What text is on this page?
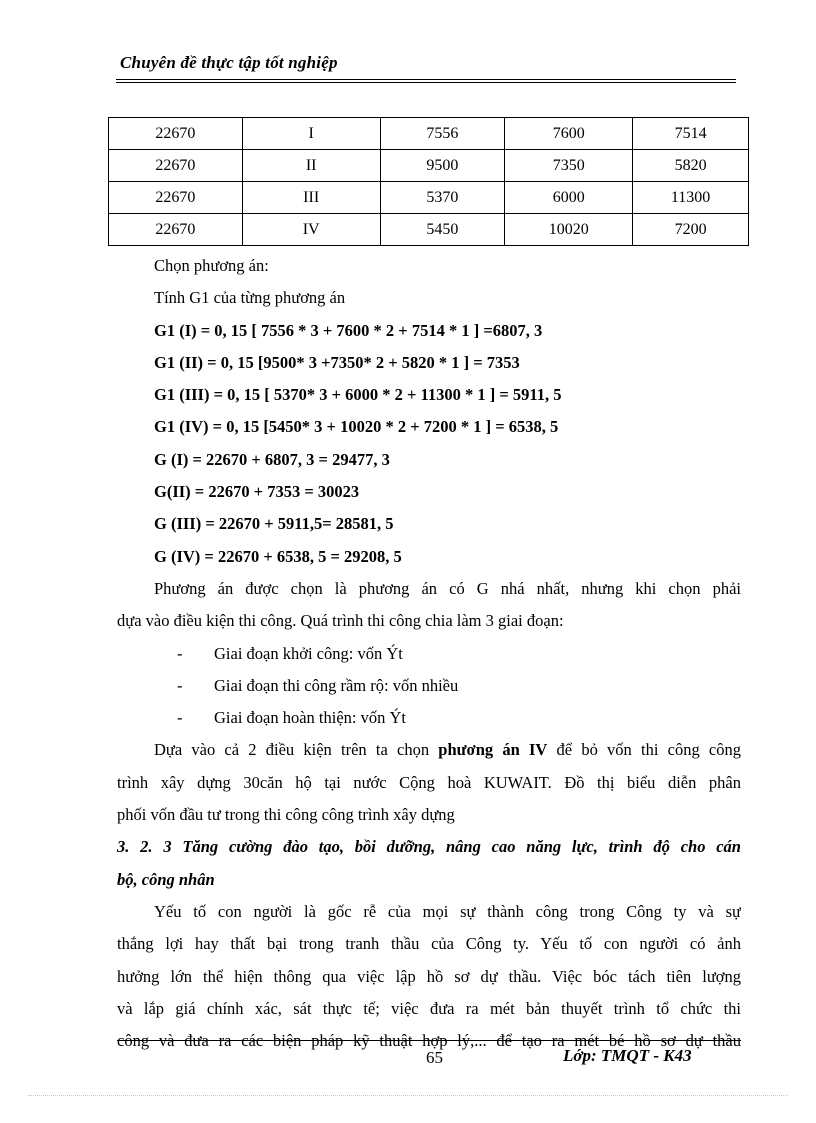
Chuyên đề thực tập tốt nghiệp
22670	I	7556	7600	7514
22670	II	9500	7350	5820
22670	III	5370	6000	11300
22670	IV	5450	10020	7200
Chọn phương án:
Tính G1 của từng phương án
G1 (I) = 0, 15 [ 7556 * 3 + 7600 * 2 + 7514 * 1 ] =6807, 3
G1 (II) = 0, 15 [9500* 3 +7350* 2 + 5820 * 1 ] = 7353
G1 (III) = 0, 15 [ 5370* 3 + 6000 * 2 + 11300 * 1 ] = 5911, 5
G1 (IV) = 0, 15 [5450* 3 + 10020 * 2 + 7200 * 1 ] = 6538, 5
G (I) = 22670 + 6807, 3 = 29477, 3
G(II) = 22670 + 7353 = 30023
G (III) = 22670 + 5911,5= 28581, 5
G (IV) = 22670 + 6538, 5 = 29208, 5
Phương án được chọn là phương án có G nhá nhất, nhưng khi chọn phải
dựa vào điều kiện thi công. Quá trình thi công chia làm 3 giai đoạn:
- Giai đoạn khởi công: vốn Ýt
- Giai đoạn thi công rầm rộ: vốn nhiều
- Giai đoạn hoàn thiện: vốn Ýt
Dựa vào cả 2 điều kiện trên ta chọn phương án IV để bỏ vốn thi công công
trình xây dựng 30căn hộ tại nước Cộng hoà KUWAIT. Đồ thị biểu diễn phân
phối vốn đầu tư trong thi công công trình xây dựng
3. 2. 3 Tăng cường đào tạo, bồi dưỡng, nâng cao năng lực, trình độ cho cán
bộ, công nhân
Yếu tố con người là gốc rễ của mọi sự thành công trong Công ty và sự
thắng lợi hay thất bại trong tranh thầu của Công ty. Yếu tố con người có ảnh
hưởng lớn thể hiện thông qua việc lập hồ sơ dự thầu. Việc bóc tách tiên lượng
và lắp giá chính xác, sát thực tế; việc đưa ra mét bản thuyết trình tổ chức thi
công và đưa ra các biện pháp kỹ thuật hợp lý,... để tạo ra mét bé hồ sơ dự thầu
65	Lớp: TMQT - K43
